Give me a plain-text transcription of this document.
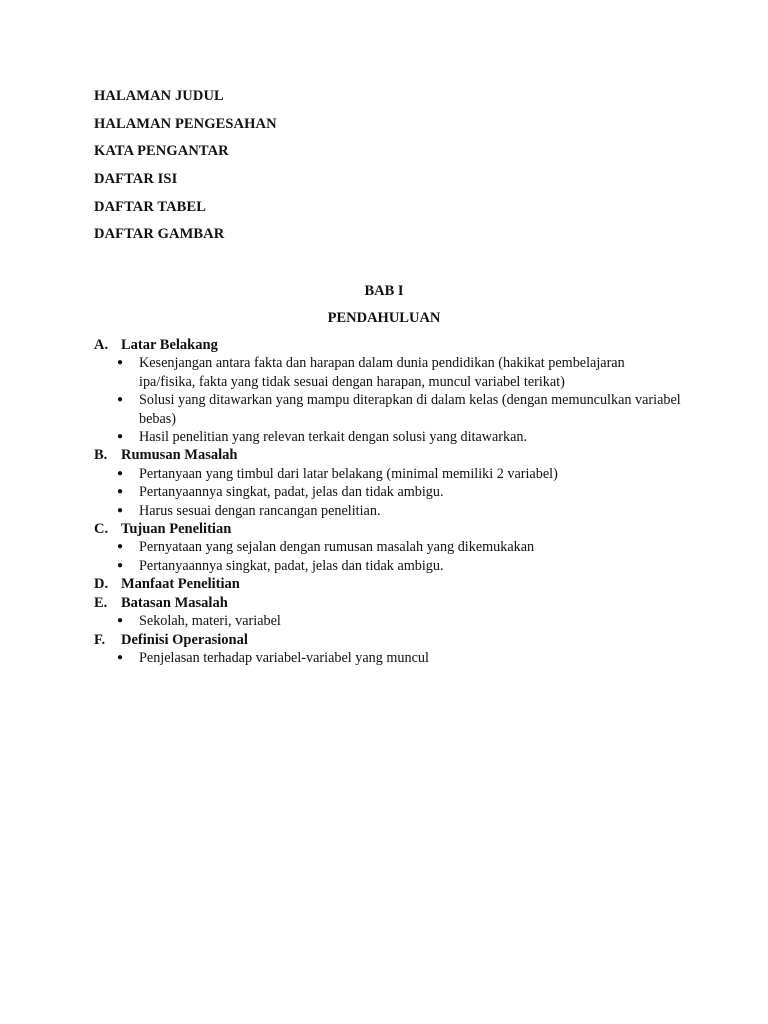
HALAMAN JUDUL
HALAMAN PENGESAHAN
KATA PENGANTAR
DAFTAR ISI
DAFTAR TABEL
DAFTAR GAMBAR
BAB I
PENDAHULUAN
A. Latar Belakang
● Kesenjangan antara fakta dan harapan dalam dunia pendidikan (hakikat pembelajaran ipa/fisika, fakta yang tidak sesuai dengan harapan, muncul variabel terikat)
● Solusi yang ditawarkan yang mampu diterapkan di dalam kelas (dengan memunculkan variabel bebas)
● Hasil penelitian yang relevan terkait dengan solusi yang ditawarkan.
B. Rumusan Masalah
● Pertanyaan yang timbul dari latar belakang (minimal memiliki 2 variabel)
● Pertanyaannya singkat, padat, jelas dan tidak ambigu.
● Harus sesuai dengan rancangan penelitian.
C. Tujuan Penelitian
● Pernyataan yang sejalan dengan rumusan masalah yang dikemukakan
● Pertanyaannya singkat, padat, jelas dan tidak ambigu.
D. Manfaat Penelitian
E. Batasan Masalah
● Sekolah, materi, variabel
F.	Definisi Operasional
● Penjelasan terhadap variabel-variabel yang muncul
